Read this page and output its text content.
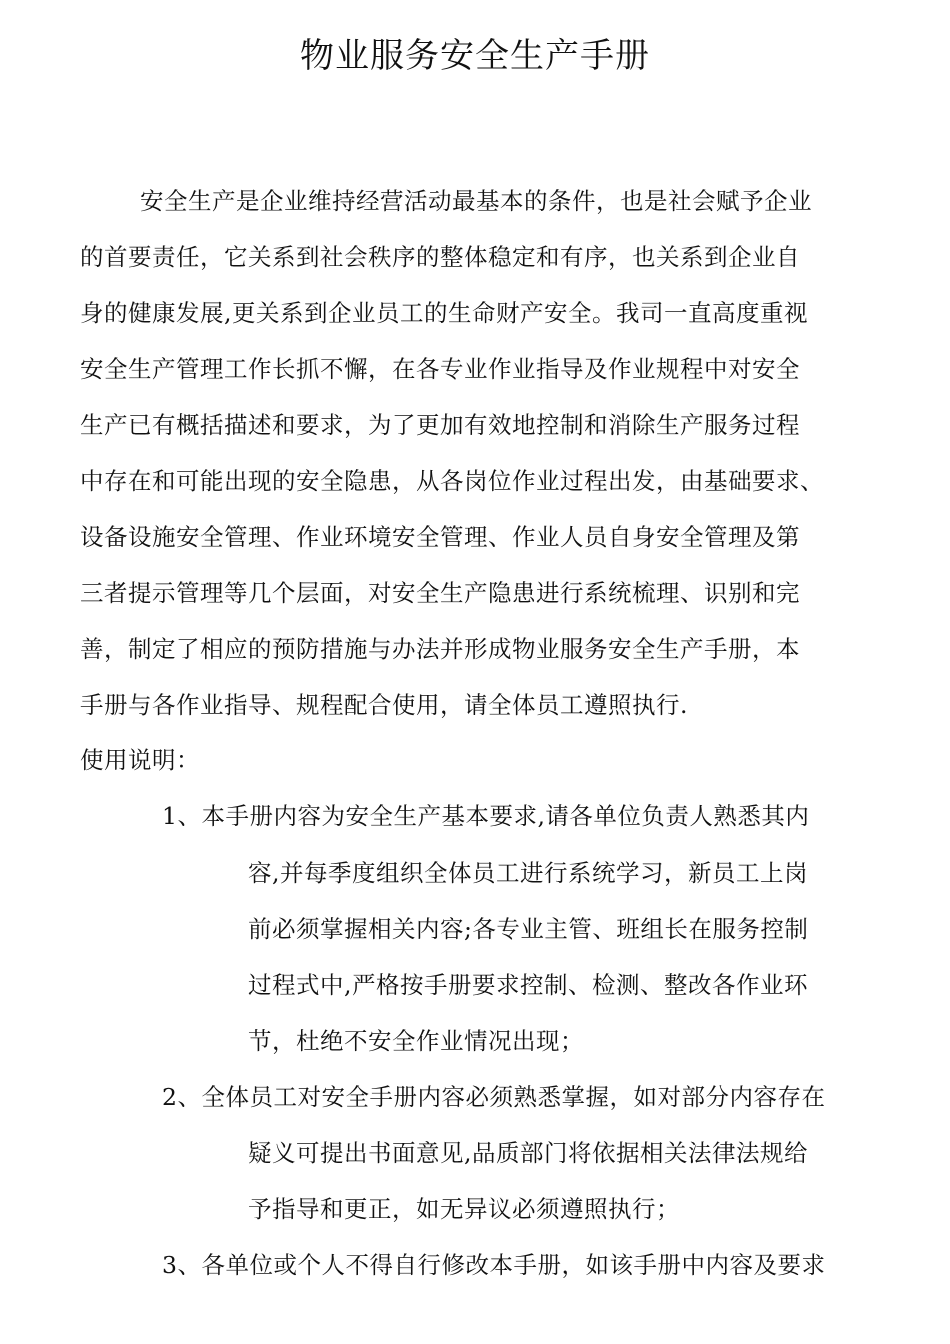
物业服务安全生产手册
安全生产是企业维持经营活动最基本的条件，也是社会赋予企业
的首要责任，它关系到社会秩序的整体稳定和有序，也关系到企业自
身的健康发展,更关系到企业员工的生命财产安全。我司一直高度重视
安全生产管理工作长抓不懈，在各专业作业指导及作业规程中对安全
生产已有概括描述和要求，为了更加有效地控制和消除生产服务过程
中存在和可能出现的安全隐患，从各岗位作业过程出发，由基础要求、
设备设施安全管理、作业环境安全管理、作业人员自身安全管理及第
三者提示管理等几个层面，对安全生产隐患进行系统梳理、识别和完
善，制定了相应的预防措施与办法并形成物业服务安全生产手册，本
手册与各作业指导、规程配合使用，请全体员工遵照执行.
使用说明：
1、本手册内容为安全生产基本要求,请各单位负责人熟悉其内
容,并每季度组织全体员工进行系统学习，新员工上岗
前必须掌握相关内容;各专业主管、班组长在服务控制
过程式中,严格按手册要求控制、检测、整改各作业环
节，杜绝不安全作业情况出现；
2、全体员工对安全手册内容必须熟悉掌握，如对部分内容存在
疑义可提出书面意见,品质部门将依据相关法律法规给
予指导和更正，如无异议必须遵照执行；
3、各单位或个人不得自行修改本手册，如该手册中内容及要求
